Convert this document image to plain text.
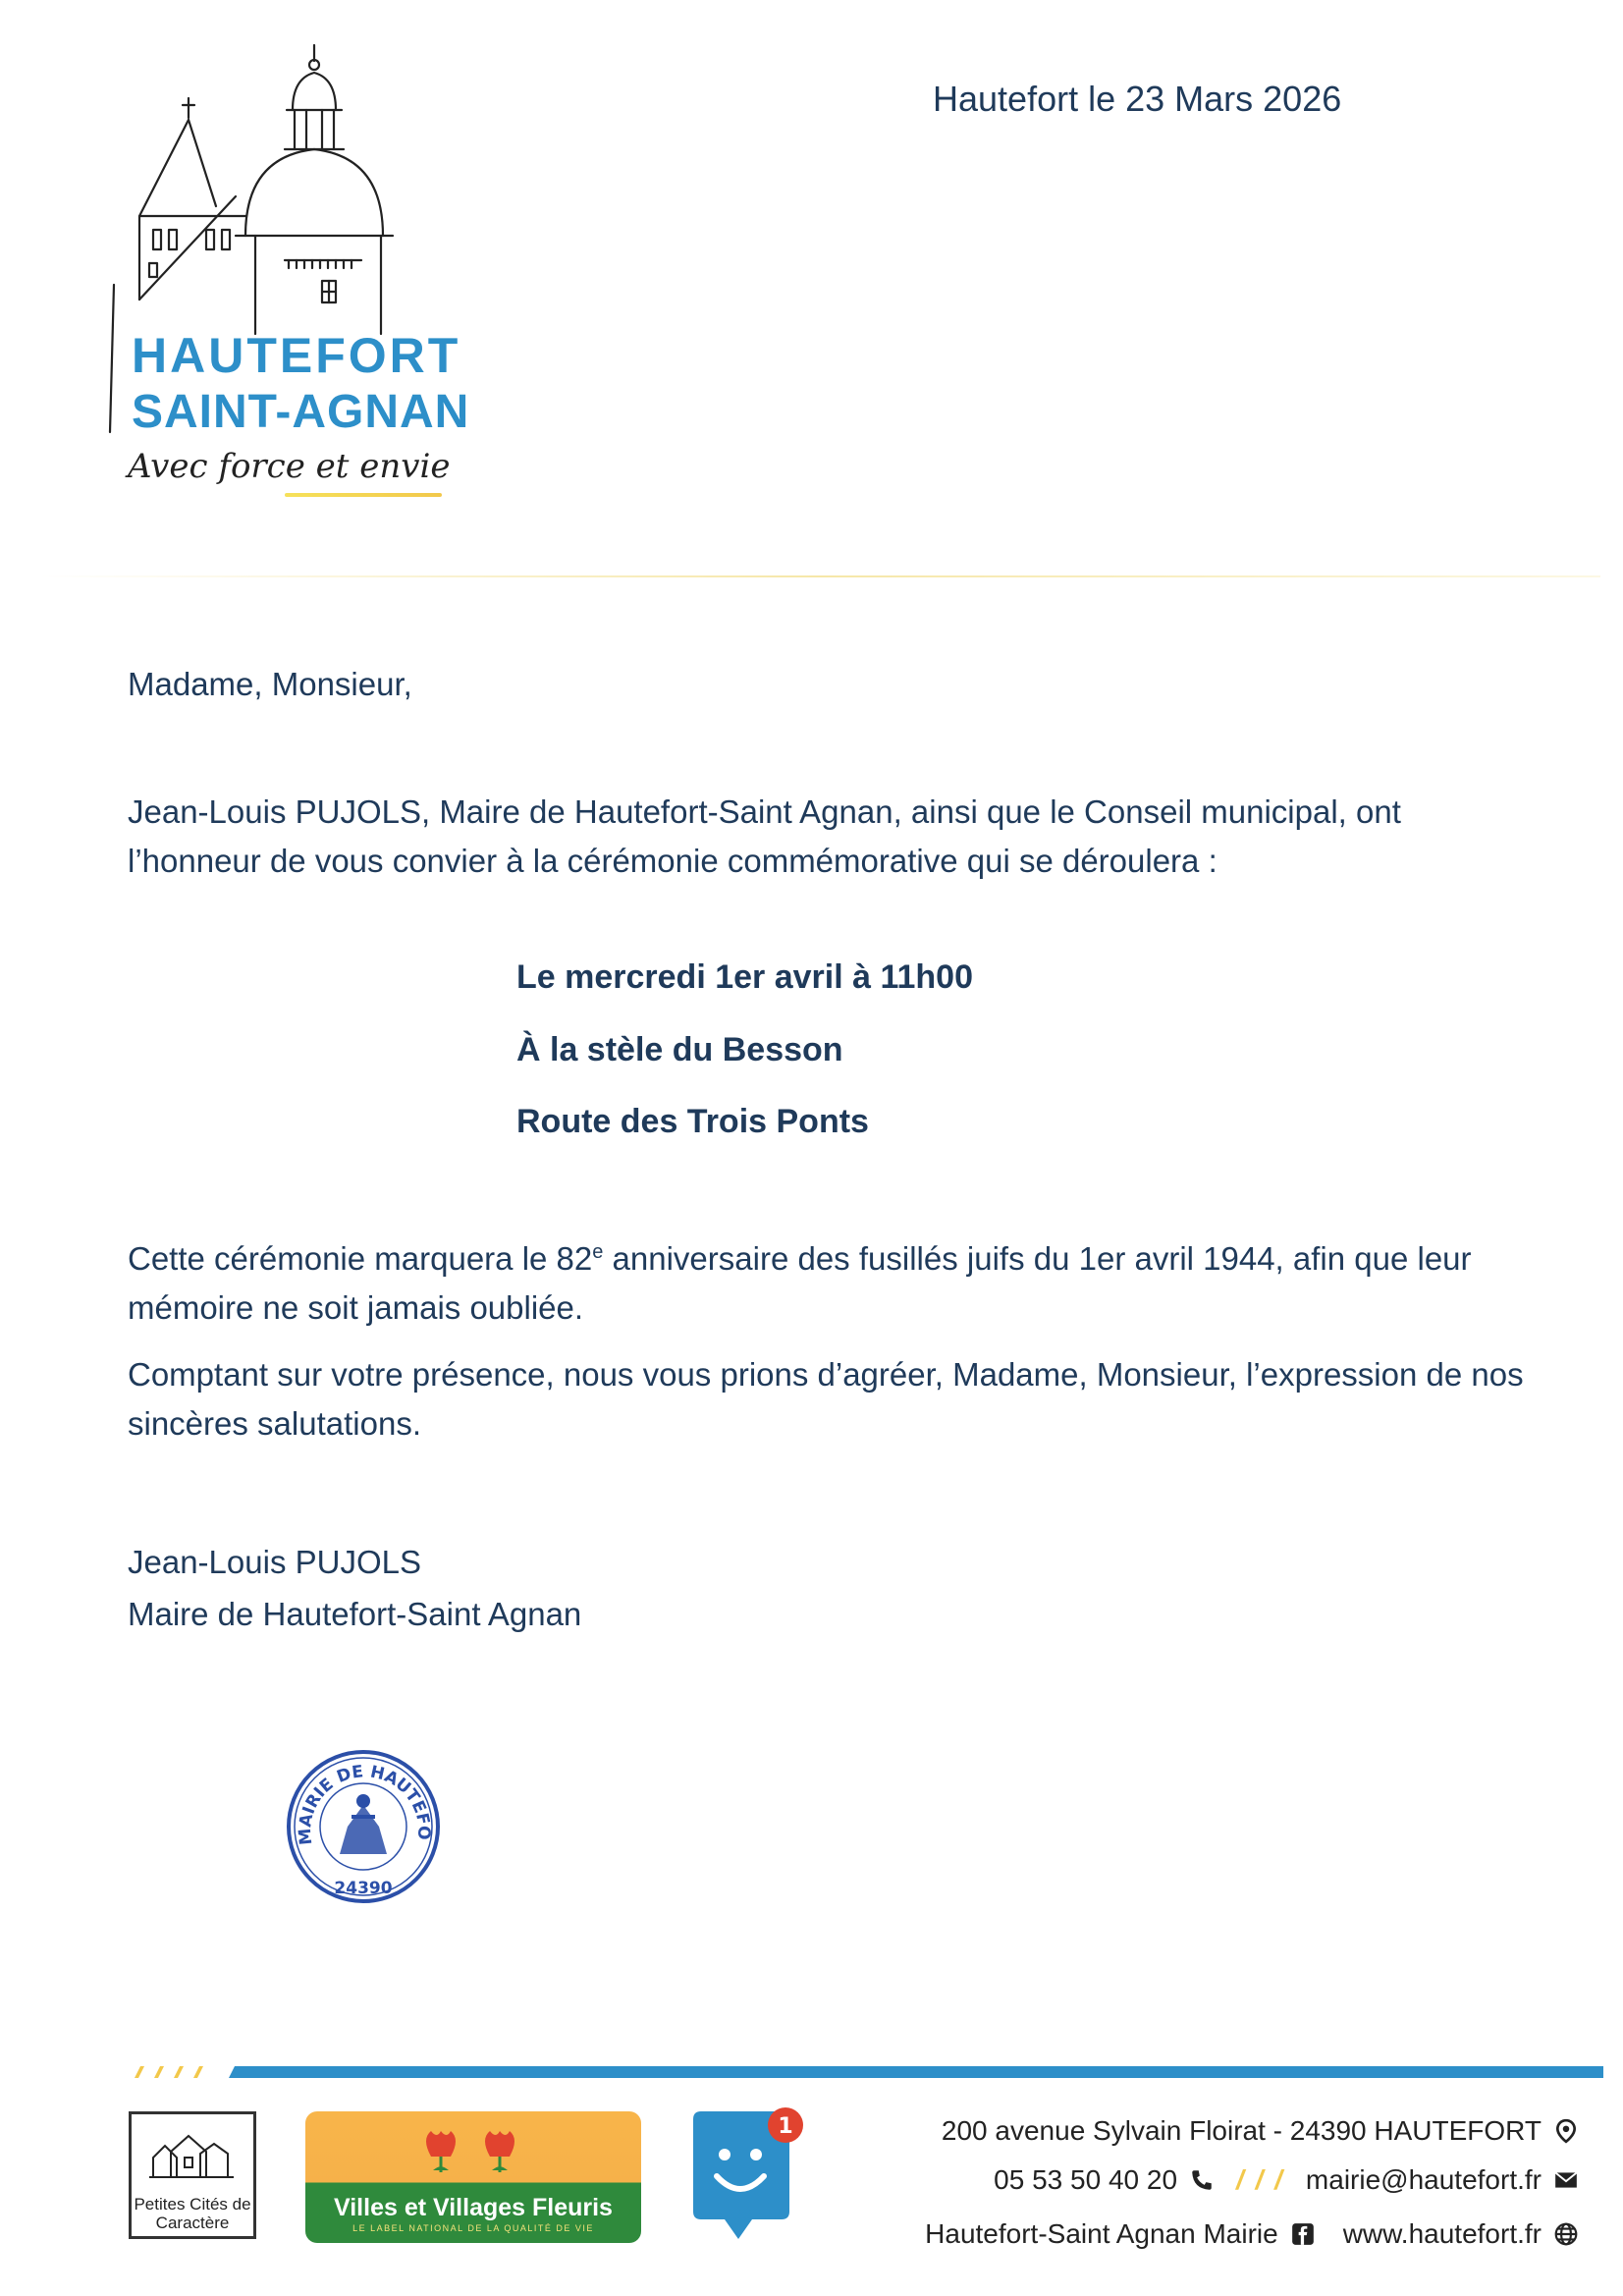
HAUTEFORT
SAINT-AGNAN
Avec force et envie
Hautefort le 23 Mars 2026
Madame, Monsieur,
Jean-Louis PUJOLS, Maire de Hautefort-Saint Agnan, ainsi que le Conseil municipal, ont l’honneur de vous convier à la cérémonie commémorative qui se déroulera :
Le mercredi 1er avril à 11h00
À la stèle du Besson
Route des Trois Ponts
Cette cérémonie marquera le 82e anniversaire des fusillés juifs du 1er avril 1944, afin que leur mémoire ne soit jamais oubliée.
Comptant sur votre présence, nous vous prions d’agréer, Madame, Monsieur, l’expression de nos sincères salutations.
Jean-Louis PUJOLS
Maire de Hautefort-Saint Agnan
MAIRIE DE HAUTEFO
24390
Petites Cités de Caractère
Villes et Villages Fleuris
LE LABEL NATIONAL DE LA QUALITÉ DE VIE
1	200 avenue Sylvain Floirat - 24390 HAUTEFORT
05 53 50 40 20 / / / mairie@hautefort.fr
Hautefort-Saint Agnan Mairie www.hautefort.fr
